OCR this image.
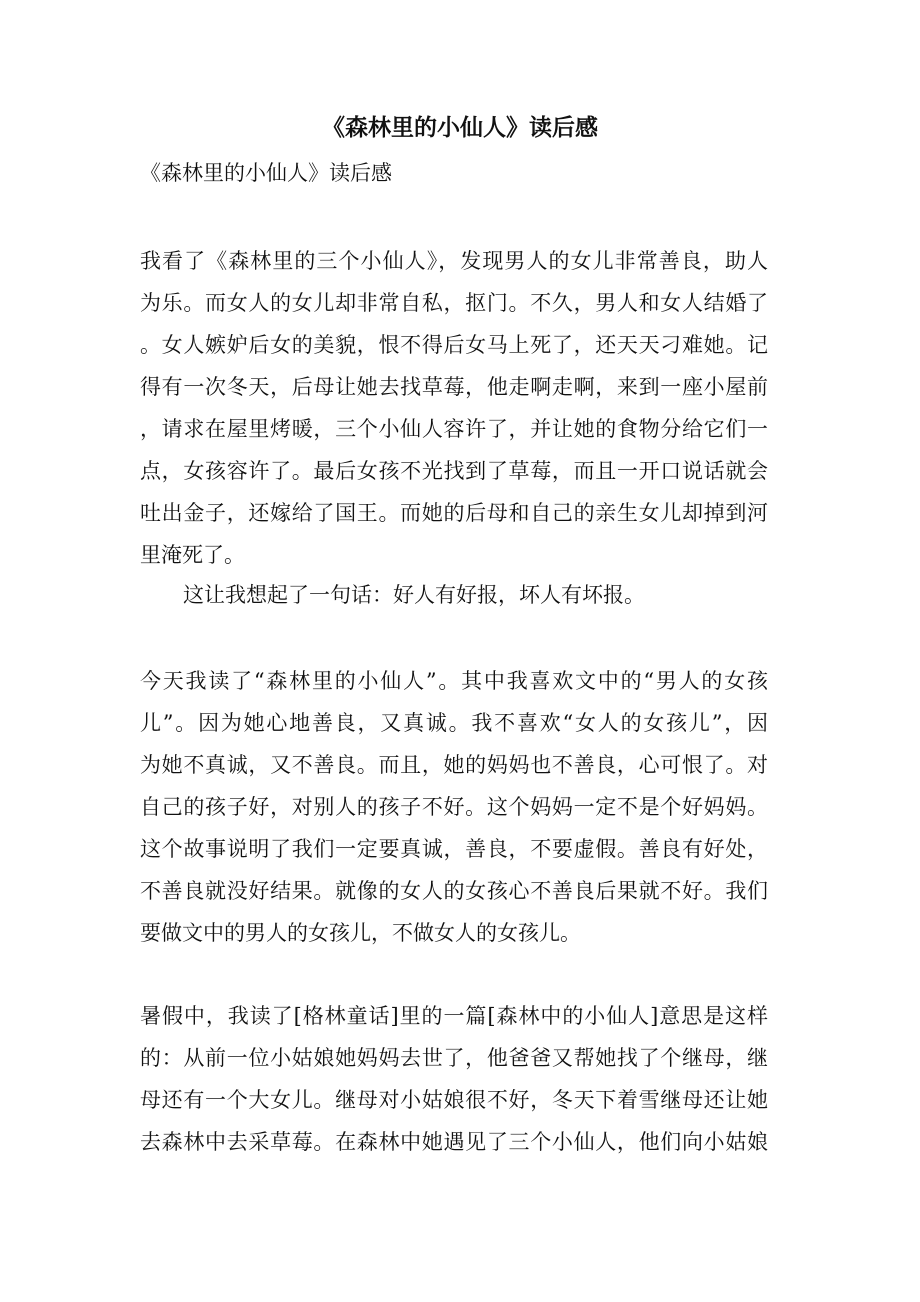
《森林里的小仙人》读后感

《森林里的小仙人》读后感

我看了《森林里的三个小仙人》，发现男人的女儿非常善良，助人
为乐。而女人的女儿却非常自私，抠门。不久，男人和女人结婚了
。女人嫉妒后女的美貌，恨不得后女马上死了，还天天刁难她。记
得有一次冬天，后母让她去找草莓，他走啊走啊，来到一座小屋前
，请求在屋里烤暖，三个小仙人容许了，并让她的食物分给它们一
点，女孩容许了。最后女孩不光找到了草莓，而且一开口说话就会
吐出金子，还嫁给了国王。而她的后母和自己的亲生女儿却掉到河
里淹死了。

这让我想起了一句话：好人有好报，坏人有坏报。

今天我读了“森林里的小仙人”。其中我喜欢文中的“男人的女孩
儿”。因为她心地善良，又真诚。我不喜欢“女人的女孩儿”，因
为她不真诚，又不善良。而且，她的妈妈也不善良，心可恨了。对
自己的孩子好，对别人的孩子不好。这个妈妈一定不是个好妈妈。
这个故事说明了我们一定要真诚，善良，不要虚假。善良有好处，
不善良就没好结果。就像的女人的女孩心不善良后果就不好。我们
要做文中的男人的女孩儿，不做女人的女孩儿。
暑假中，我读了[格林童话]里的一篇[森林中的小仙人]意思是这样
的：从前一位小姑娘她妈妈去世了，他爸爸又帮她找了个继母，继
母还有一个大女儿。继母对小姑娘很不好，冬天下着雪继母还让她
去森林中去采草莓。在森林中她遇见了三个小仙人，他们向小姑娘
